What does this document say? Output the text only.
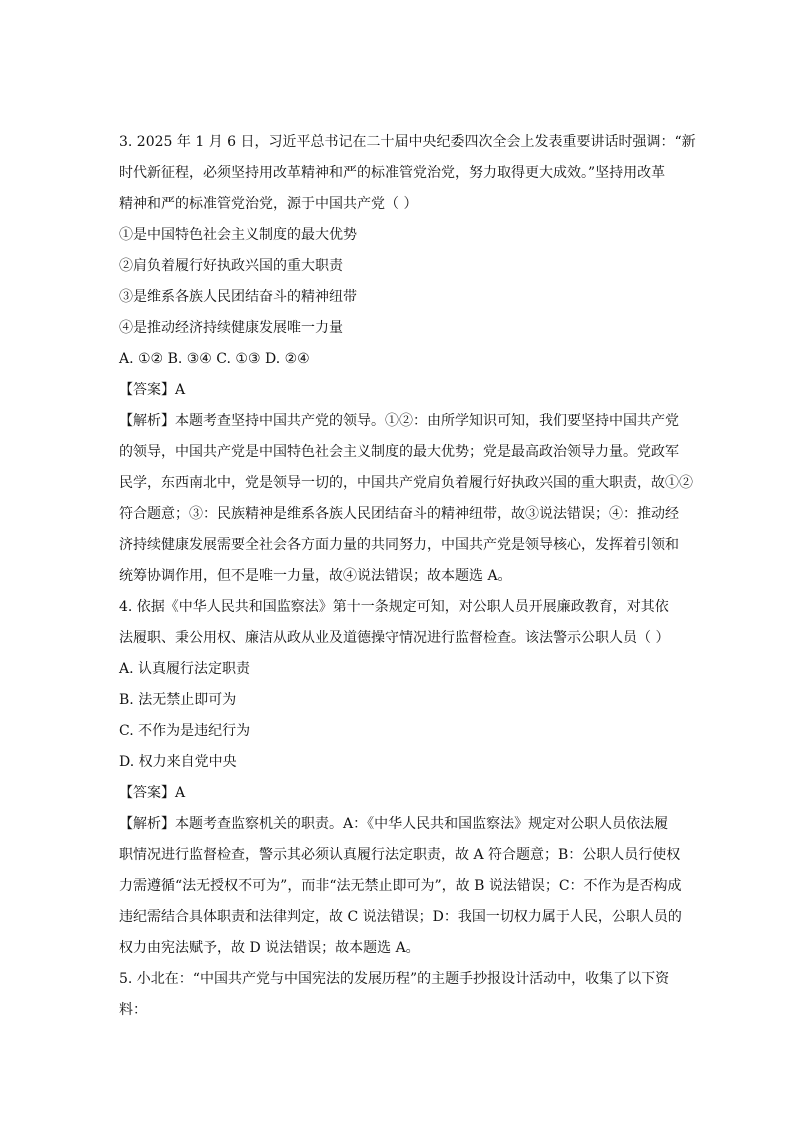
3. 2025 年 1 月 6 日，习近平总书记在二十届中央纪委四次全会上发表重要讲话时强调：“新
时代新征程，必须坚持用改革精神和严的标准管党治党，努力取得更大成效。”坚持用改革
精神和严的标准管党治党，源于中国共产党（ ）
①是中国特色社会主义制度的最大优势
②肩负着履行好执政兴国的重大职责
③是维系各族人民团结奋斗的精神纽带
④是推动经济持续健康发展唯一力量
A. ①② B. ③④ C. ①③ D. ②④
【答案】A
【解析】本题考查坚持中国共产党的领导。①②：由所学知识可知，我们要坚持中国共产党
的领导，中国共产党是中国特色社会主义制度的最大优势；党是最高政治领导力量。党政军
民学，东西南北中，党是领导一切的，中国共产党肩负着履行好执政兴国的重大职责，故①②
符合题意；③：民族精神是维系各族人民团结奋斗的精神纽带，故③说法错误；④：推动经
济持续健康发展需要全社会各方面力量的共同努力，中国共产党是领导核心，发挥着引领和
统筹协调作用，但不是唯一力量，故④说法错误；故本题选 A。
4. 依据《中华人民共和国监察法》第十一条规定可知，对公职人员开展廉政教育，对其依
法履职、秉公用权、廉洁从政从业及道德操守情况进行监督检查。该法警示公职人员（ ）
A. 认真履行法定职责
B. 法无禁止即可为
C. 不作为是违纪行为
D. 权力来自党中央
【答案】A
【解析】本题考查监察机关的职责。A：《中华人民共和国监察法》规定对公职人员依法履
职情况进行监督检查，警示其必须认真履行法定职责，故 A 符合题意；B：公职人员行使权
力需遵循“法无授权不可为”，而非“法无禁止即可为”，故 B 说法错误；C：不作为是否构成
违纪需结合具体职责和法律判定，故 C 说法错误；D：我国一切权力属于人民，公职人员的
权力由宪法赋予，故 D 说法错误；故本题选 A。
5. 小北在：“中国共产党与中国宪法的发展历程”的主题手抄报设计活动中，收集了以下资
料：
